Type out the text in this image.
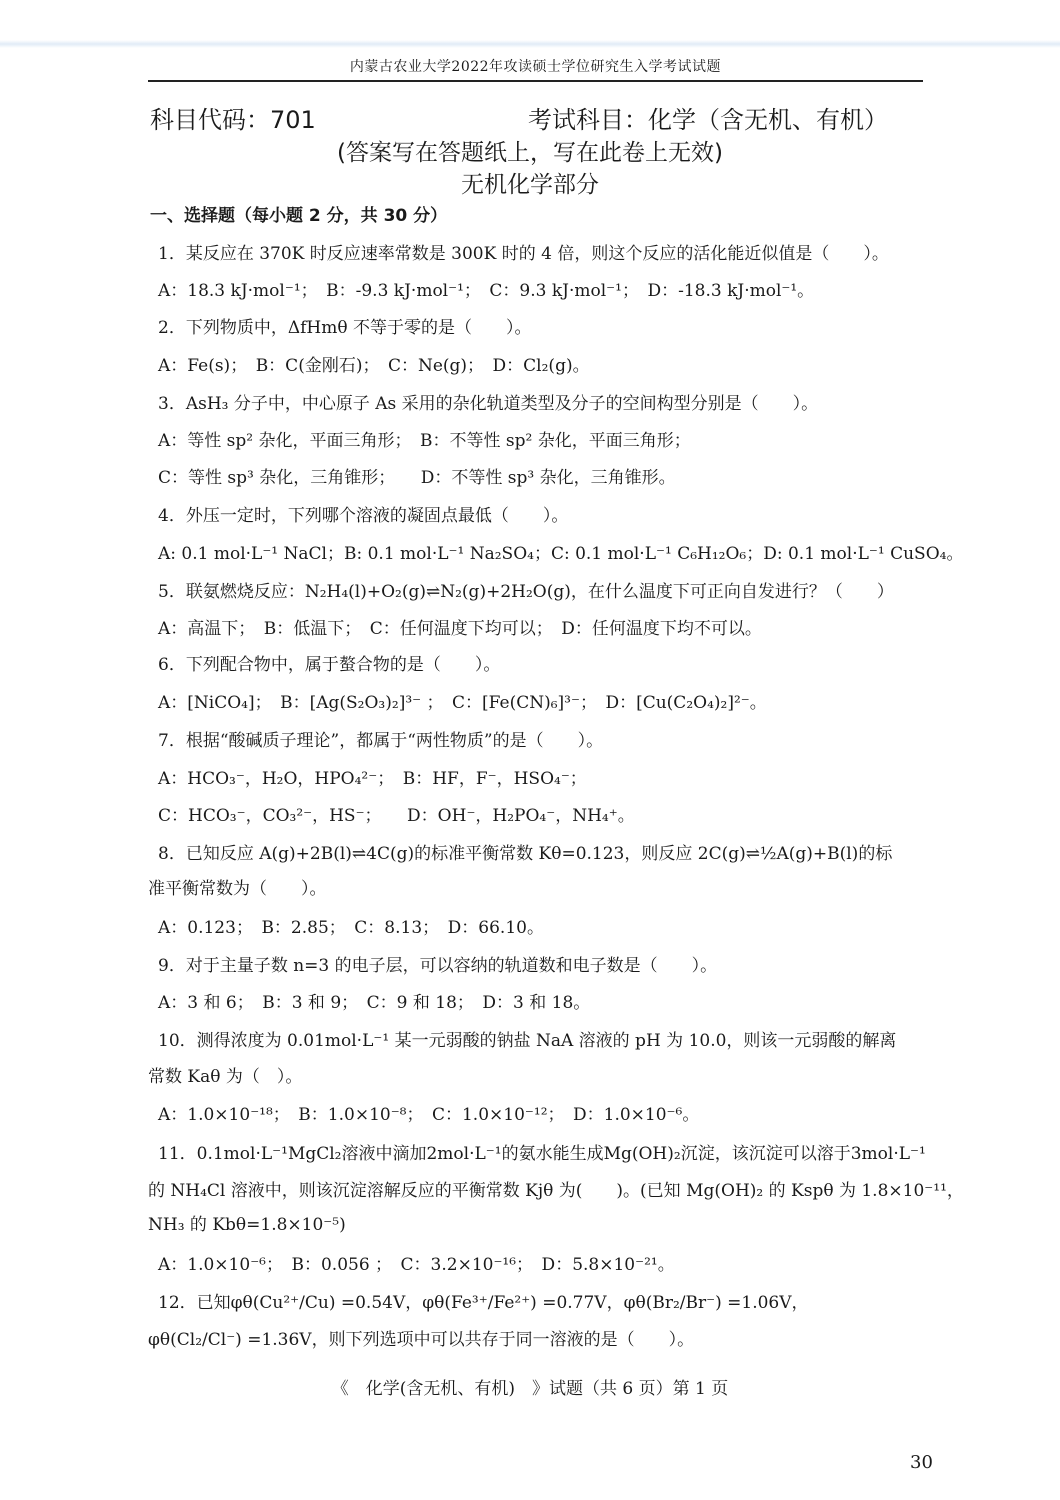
内蒙古农业大学2022年攻读硕士学位研究生入学考试试题
科目代码：701	考试科目：化学（含无机、有机）
(答案写在答题纸上，写在此卷上无效)
无机化学部分
一、选择题（每小题 2 分，共 30 分）
1．某反应在 370K 时反应速率常数是 300K 时的 4 倍，则这个反应的活化能近似值是（　　）。
A：18.3 kJ·mol⁻¹；　B：-9.3 kJ·mol⁻¹；　C：9.3 kJ·mol⁻¹；　D：-18.3 kJ·mol⁻¹。
2．下列物质中，ΔfHmθ 不等于零的是（　　）。
A：Fe(s)；　B：C(金刚石)；　C：Ne(g)；　D：Cl₂(g)。
3．AsH₃ 分子中，中心原子 As 采用的杂化轨道类型及分子的空间构型分别是（　　）。
A：等性 sp² 杂化，平面三角形；　B：不等性 sp² 杂化，平面三角形；
C：等性 sp³ 杂化，三角锥形；　　D：不等性 sp³ 杂化，三角锥形。
4．外压一定时，下列哪个溶液的凝固点最低（　　）。
A: 0.1 mol·L⁻¹ NaCl；B: 0.1 mol·L⁻¹ Na₂SO₄；C: 0.1 mol·L⁻¹ C₆H₁₂O₆；D: 0.1 mol·L⁻¹ CuSO₄。
5．联氨燃烧反应：N₂H₄(l)+O₂(g)⇌N₂(g)+2H₂O(g)，在什么温度下可正向自发进行？（　　）
A：高温下；　B：低温下；　C：任何温度下均可以；　D：任何温度下均不可以。
6．下列配合物中，属于螯合物的是（　　）。
A：[NiCO₄]；　B：[Ag(S₂O₃)₂]³⁻ ；　C：[Fe(CN)₆]³⁻；　D：[Cu(C₂O₄)₂]²⁻。
7．根据“酸碱质子理论”，都属于“两性物质”的是（　　）。
A：HCO₃⁻，H₂O，HPO₄²⁻；　B：HF，F⁻，HSO₄⁻；
C：HCO₃⁻，CO₃²⁻，HS⁻；　　D：OH⁻，H₂PO₄⁻，NH₄⁺。
8．已知反应 A(g)+2B(l)⇌4C(g)的标准平衡常数 Kθ=0.123，则反应 2C(g)⇌½A(g)+B(l)的标
准平衡常数为（　　）。
A：0.123；　B：2.85；　C：8.13；　D：66.10。
9．对于主量子数 n=3 的电子层，可以容纳的轨道数和电子数是（　　）。
A：3 和 6；　B：3 和 9；　C：9 和 18；　D：3 和 18。
10．测得浓度为 0.01mol·L⁻¹ 某一元弱酸的钠盐 NaA 溶液的 pH 为 10.0，则该一元弱酸的解离
常数 Kaθ 为（　）。
A：1.0×10⁻¹⁸；　B：1.0×10⁻⁸；　C：1.0×10⁻¹²；　D：1.0×10⁻⁶。
11．0.1mol·L⁻¹MgCl₂溶液中滴加2mol·L⁻¹的氨水能生成Mg(OH)₂沉淀，该沉淀可以溶于3mol·L⁻¹
的 NH₄Cl 溶液中，则该沉淀溶解反应的平衡常数 Kjθ 为(　　)。(已知 Mg(OH)₂ 的 Kspθ 为 1.8×10⁻¹¹，
NH₃ 的 Kbθ=1.8×10⁻⁵)
A：1.0×10⁻⁶；　B：0.056 ；　C：3.2×10⁻¹⁶；　D：5.8×10⁻²¹。
12．已知φθ(Cu²⁺/Cu) =0.54V，φθ(Fe³⁺/Fe²⁺) =0.77V，φθ(Br₂/Br⁻) =1.06V，
φθ(Cl₂/Cl⁻) =1.36V，则下列选项中可以共存于同一溶液的是（　　）。
《　化学(含无机、有机)　》试题（共 6 页）第 1 页
30
